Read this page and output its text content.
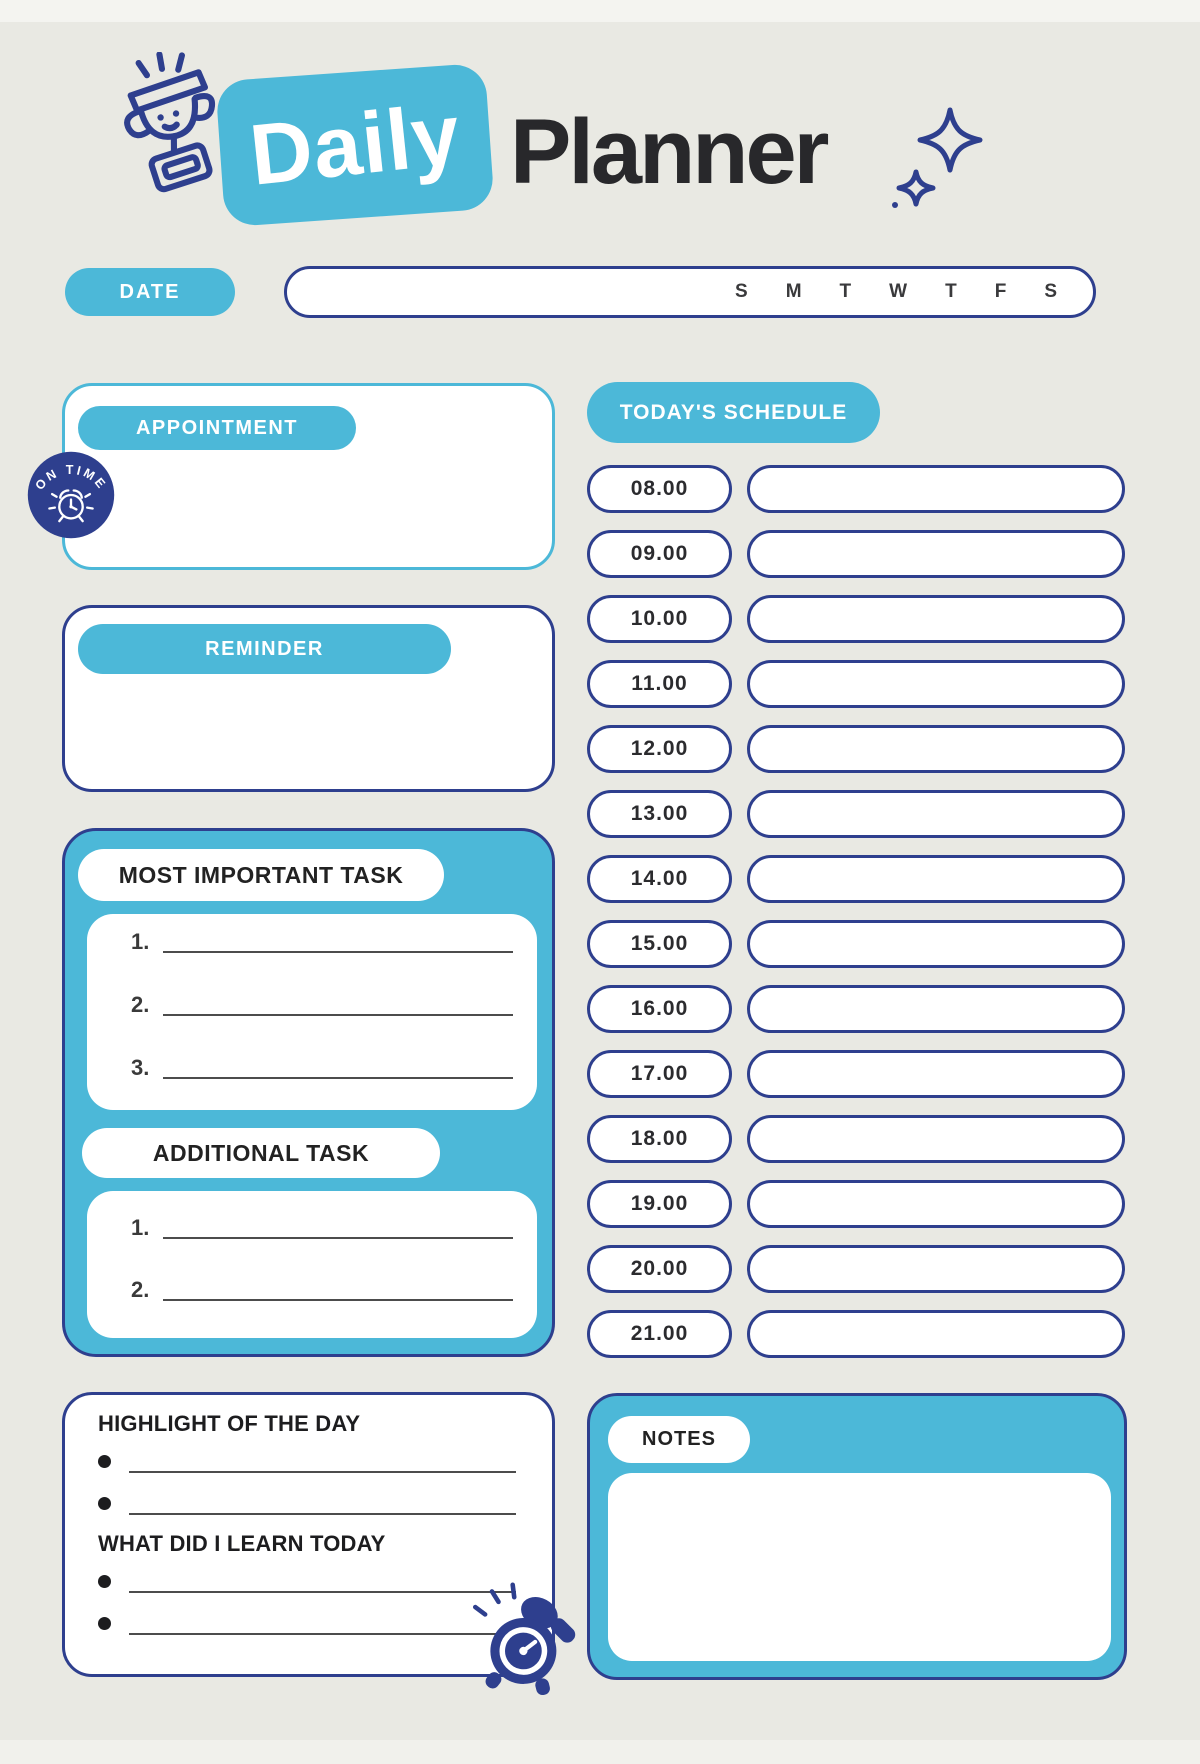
Daily Planner
DATE	S M T W T F S
APPOINTMENT
ON TIME
REMINDER
MOST IMPORTANT TASK
1.
2.
3.
ADDITIONAL TASK
1.
2.
HIGHLIGHT OF THE DAY
WHAT DID I LEARN TODAY
TODAY'S SCHEDULE
08.00
09.00
10.00
11.00
12.00
13.00
14.00
15.00
16.00
17.00
18.00
19.00
20.00
21.00
NOTES
